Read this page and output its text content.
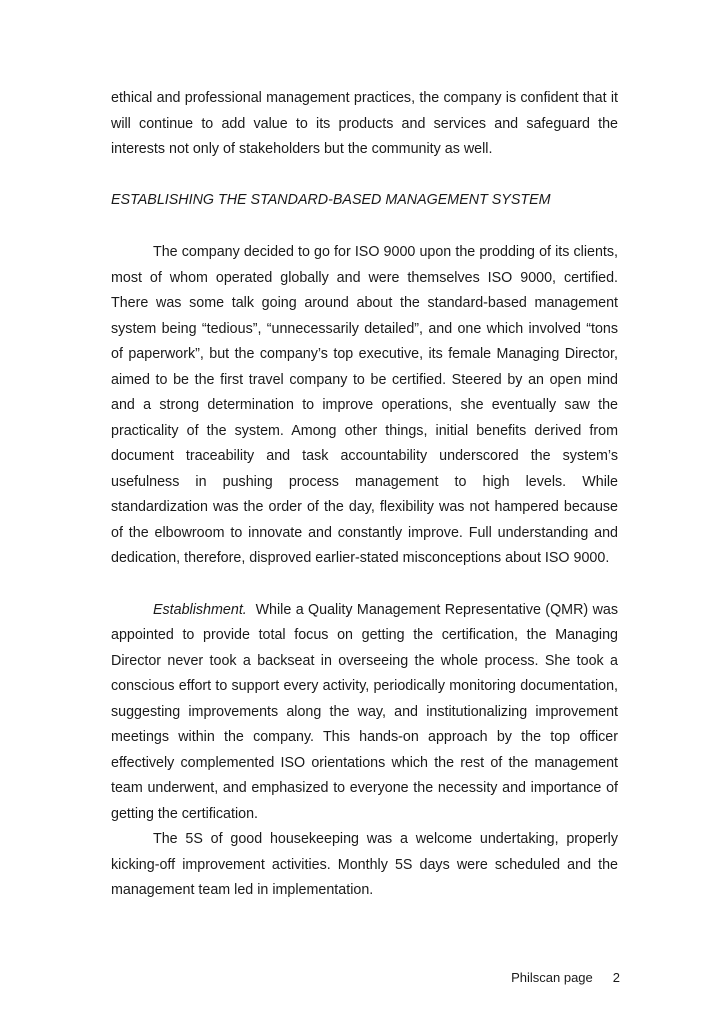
ethical and professional management practices, the company is confident that it will continue to add value to its products and services and safeguard the interests not only of stakeholders but the community as well.

ESTABLISHING THE STANDARD-BASED MANAGEMENT SYSTEM

The company decided to go for ISO 9000 upon the prodding of its clients, most of whom operated globally and were themselves ISO 9000, certified. There was some talk going around about the standard-based management system being “tedious”, “unnecessarily detailed”, and one which involved “tons of paperwork”, but the company’s top executive, its female Managing Director, aimed to be the first travel company to be certified. Steered by an open mind and a strong determination to improve operations, she eventually saw the practicality of the system. Among other things, initial benefits derived from document traceability and task accountability underscored the system’s usefulness in pushing process management to high levels. While standardization was the order of the day, flexibility was not hampered because of the elbowroom to innovate and constantly improve. Full understanding and dedication, therefore, disproved earlier-stated misconceptions about ISO 9000.

Establishment. While a Quality Management Representative (QMR) was appointed to provide total focus on getting the certification, the Managing Director never took a backseat in overseeing the whole process. She took a conscious effort to support every activity, periodically monitoring documentation, suggesting improvements along the way, and institutionalizing improvement meetings within the company. This hands-on approach by the top officer effectively complemented ISO orientations which the rest of the management team underwent, and emphasized to everyone the necessity and importance of getting the certification.

The 5S of good housekeeping was a welcome undertaking, properly kicking-off improvement activities. Monthly 5S days were scheduled and the management team led in implementation.

Philscan page 2
